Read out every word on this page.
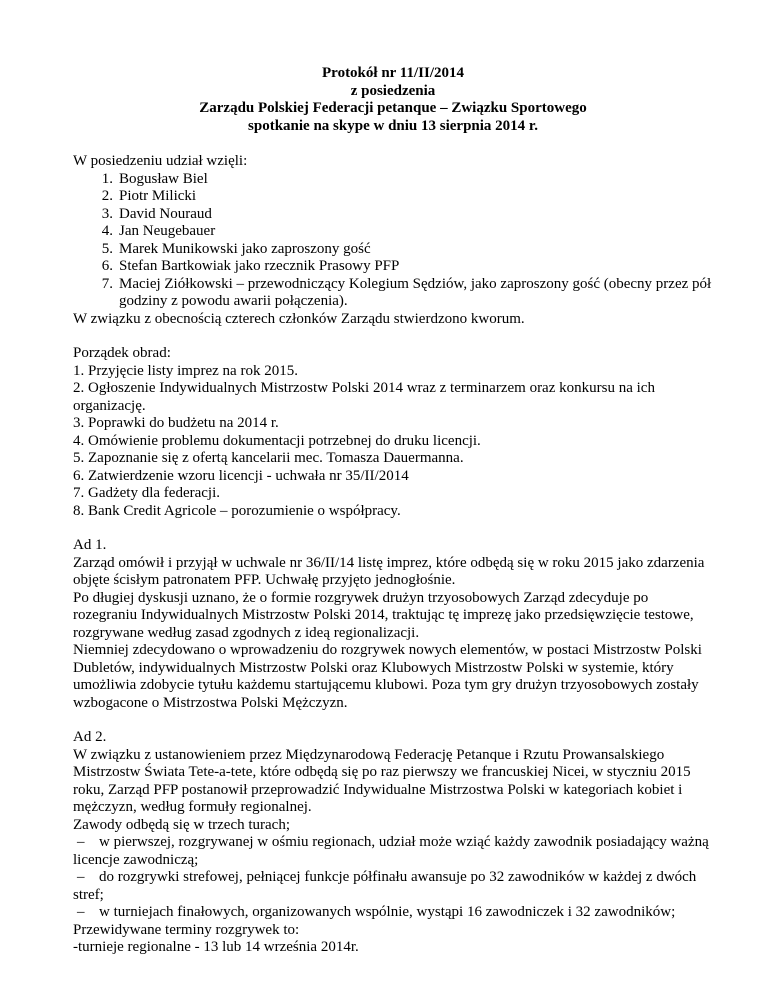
Protokół nr 11/II/2014
z posiedzenia
Zarządu Polskiej Federacji petanque – Związku Sportowego
spotkanie na skype w dniu 13 sierpnia 2014 r.

W posiedzeniu udział wzięli:

1. Bogusław Biel
2. Piotr Milicki
3. David Nouraud
4. Jan Neugebauer
5. Marek Munikowski jako zaproszony gość
6. Stefan Bartkowiak jako rzecznik Prasowy PFP
7. Maciej Ziółkowski – przewodniczący Kolegium Sędziów, jako zaproszony gość (obecny przez pół godziny z powodu awarii połączenia).

W związku z obecnością czterech członków Zarządu stwierdzono kworum.

Porządek obrad:

1. Przyjęcie listy imprez na rok 2015.

2. Ogłoszenie Indywidualnych Mistrzostw Polski 2014 wraz z terminarzem oraz konkursu na ich organizację.

3. Poprawki do budżetu na 2014 r.

4. Omówienie problemu dokumentacji potrzebnej do druku licencji.

5. Zapoznanie się z ofertą kancelarii mec. Tomasza Dauermanna.

6. Zatwierdzenie wzoru licencji - uchwała nr 35/II/2014

7. Gadżety dla federacji.

8. Bank Credit Agricole – porozumienie o współpracy.

Ad 1.

Zarząd omówił i przyjął w uchwale nr 36/II/14 listę imprez, które odbędą się w roku 2015 jako zdarzenia objęte ścisłym patronatem PFP. Uchwałę przyjęto jednogłośnie.

Po długiej dyskusji uznano, że o formie rozgrywek drużyn trzyosobowych Zarząd zdecyduje po rozegraniu Indywidualnych Mistrzostw Polski 2014, traktując tę imprezę jako przedsięwzięcie testowe, rozgrywane według zasad zgodnych z ideą regionalizacji.

Niemniej zdecydowano o wprowadzeniu do rozgrywek nowych elementów, w postaci Mistrzostw Polski Dubletów, indywidualnych Mistrzostw Polski oraz Klubowych Mistrzostw Polski w systemie, który umożliwia zdobycie tytułu każdemu startującemu klubowi. Poza tym gry drużyn trzyosobowych zostały wzbogacone o Mistrzostwa Polski Mężczyzn.

Ad 2.

W związku z ustanowieniem przez Międzynarodową Federację Petanque i Rzutu Prowansalskiego Mistrzostw Świata Tete-a-tete, które odbędą się po raz pierwszy we francuskiej Nicei, w styczniu 2015 roku, Zarząd PFP postanowił przeprowadzić Indywidualne Mistrzostwa Polski w kategoriach kobiet i mężczyzn, według formuły regionalnej.

Zawody odbędą się w trzech turach;

– w pierwszej, rozgrywanej w ośmiu regionach, udział może wziąć każdy zawodnik posiadający ważną licencje zawodniczą;

– do rozgrywki strefowej, pełniącej funkcje półfinału awansuje po 32 zawodników w każdej z dwóch stref;

– w turniejach finałowych, organizowanych wspólnie, wystąpi 16 zawodniczek i 32 zawodników;

Przewidywane terminy rozgrywek to:

-turnieje regionalne - 13 lub 14 września 2014r.
